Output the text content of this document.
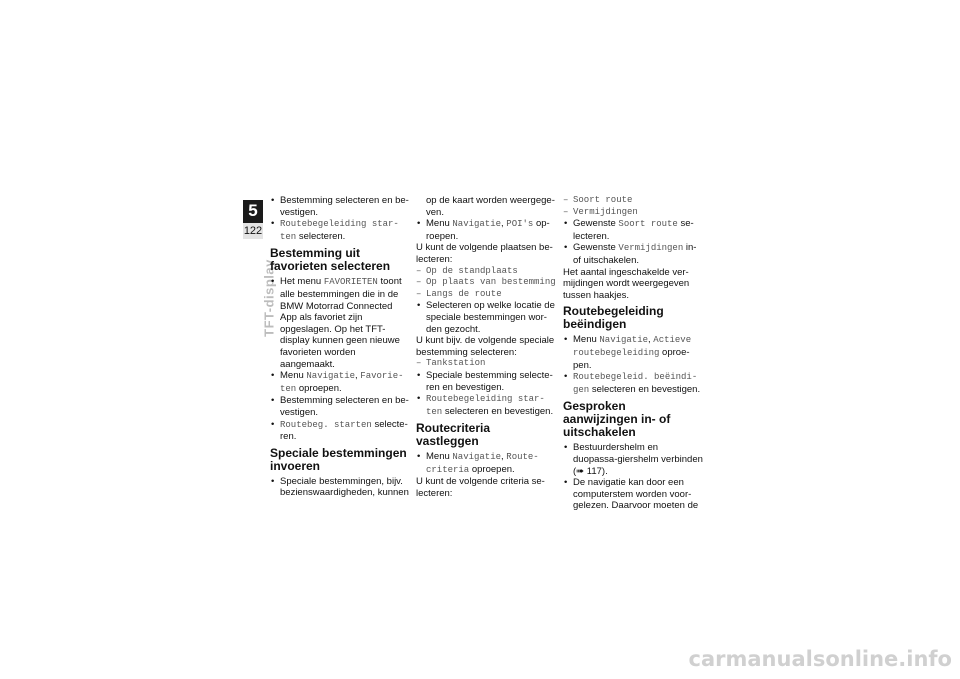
5
122
TFT-display
• Bestemming selecteren en be-vestigen.
• Routebegeleiding star-ten selecteren.
Bestemming uit favorieten selecteren
• Het menu FAVORIETEN toont alle bestemmingen die in de BMW Motorrad Connected App als favoriet zijn opgeslagen. Op het TFT-display kunnen geen nieuwe favorieten worden aangemaakt.
• Menu Navigatie, Favorie-ten oproepen.
• Bestemming selecteren en be-vestigen.
• Routebeg. starten selecte-ren.
Speciale bestemmingen invoeren
• Speciale bestemmingen, bijv. bezienswaardigheden, kunnen

op de kaart worden weergege-ven.

• Menu Navigatie, POI's op-roepen.

U kunt de volgende plaatsen be-lecteren:

– Op de standplaats
– Op plaats van bestemming
– Langs de route
• Selecteren op welke locatie de speciale bestemmingen wor-den gezocht.

U kunt bijv. de volgende speciale bestemming selecteren:

– Tankstation
• Speciale bestemming selecte-ren en bevestigen.
• Routebegeleiding star-ten selecteren en bevestigen.
Routecriteria vastleggen
• Menu Navigatie, Route-criteria oproepen.

U kunt de volgende criteria se-lecteren:

– Soort route
– Vermijdingen
• Gewenste Soort route se-lecteren.
• Gewenste Vermijdingen in- of uitschakelen.

Het aantal ingeschakelde ver-mijdingen wordt weergegeven tussen haakjes.

Routebegeleiding beëindigen
• Menu Navigatie, Actieve routebegeleiding oproe-pen.
• Routebegeleid. beëindi-gen selecteren en bevestigen.
Gesproken aanwijzingen in- of uitschakelen
• Bestuurdershelm en duopassa-giershelm verbinden (➠ 117).
• De navigatie kan door een computerstem worden voor-gelezen. Daarvoor moeten de
carmanualsonline.info
